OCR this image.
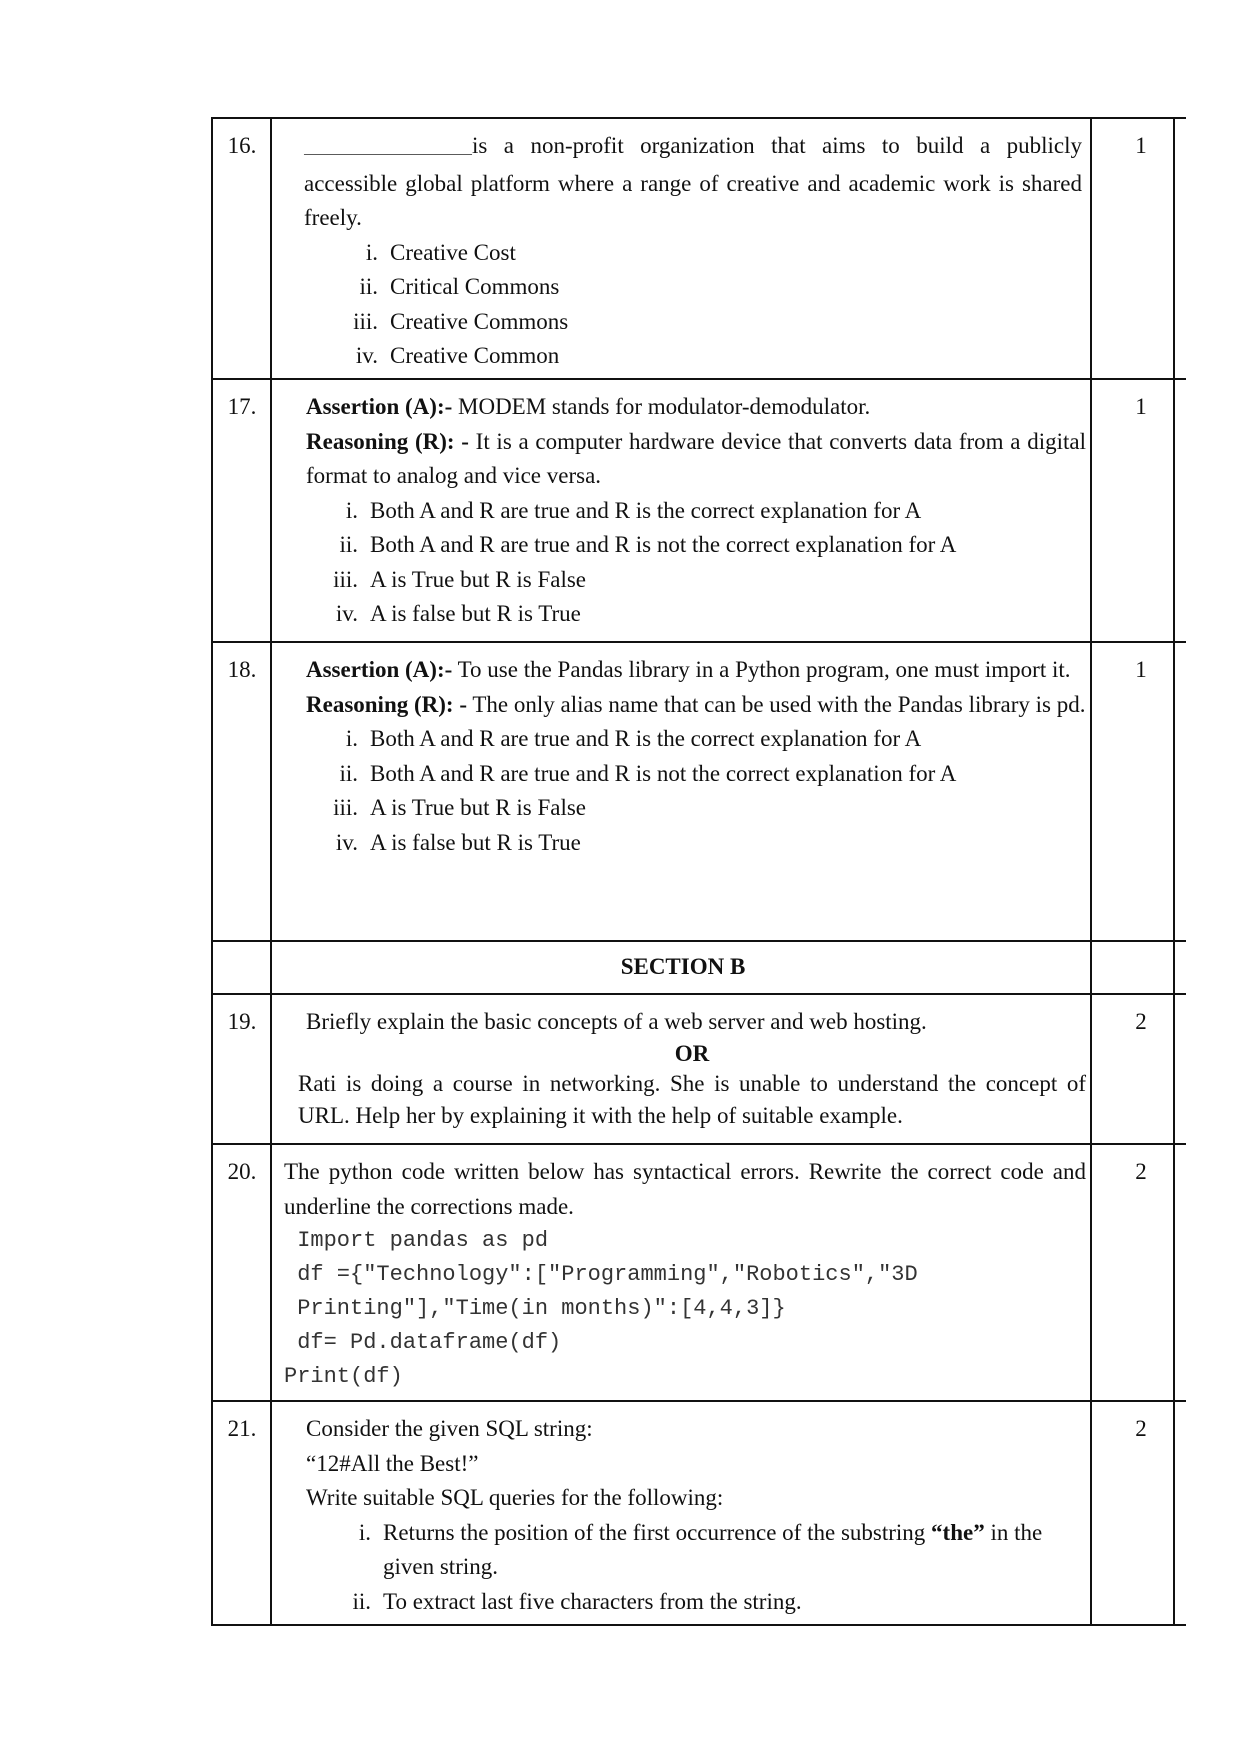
16.	______________is a non-profit organization that aims to build a publicly accessible global platform where a range of creative and academic work is shared freely.
i. Creative Cost
ii. Critical Commons
iii. Creative Commons
iv. Creative Common
1
17.	Assertion (A):- MODEM stands for modulator-demodulator.
Reasoning (R): - It is a computer hardware device that converts data from a digital format to analog and vice versa.
i. Both A and R are true and R is the correct explanation for A
ii. Both A and R are true and R is not the correct explanation for A
iii. A is True but R is False
iv. A is false but R is True
1
18.	Assertion (A):- To use the Pandas library in a Python program, one must import it.
Reasoning (R): - The only alias name that can be used with the Pandas library is pd.
i. Both A and R are true and R is the correct explanation for A
ii. Both A and R are true and R is not the correct explanation for A
iii. A is True but R is False
iv. A is false but R is True
1
SECTION B
19.	Briefly explain the basic concepts of a web server and web hosting.
OR
Rati is doing a course in networking. She is unable to understand the concept of URL. Help her by explaining it with the help of suitable example.
2
20.	The python code written below has syntactical errors. Rewrite the correct code and underline the corrections made.
Import pandas as pd
df ={"Technology":["Programming","Robotics","3D
Printing"],"Time(in months)":[4,4,3]}
df= Pd.dataframe(df)
Print(df)
2
21.	Consider the given SQL string:
“12#All the Best!”
Write suitable SQL queries for the following:
i. Returns the position of the first occurrence of the substring “the” in the given string.
ii. To extract last five characters from the string.
2
